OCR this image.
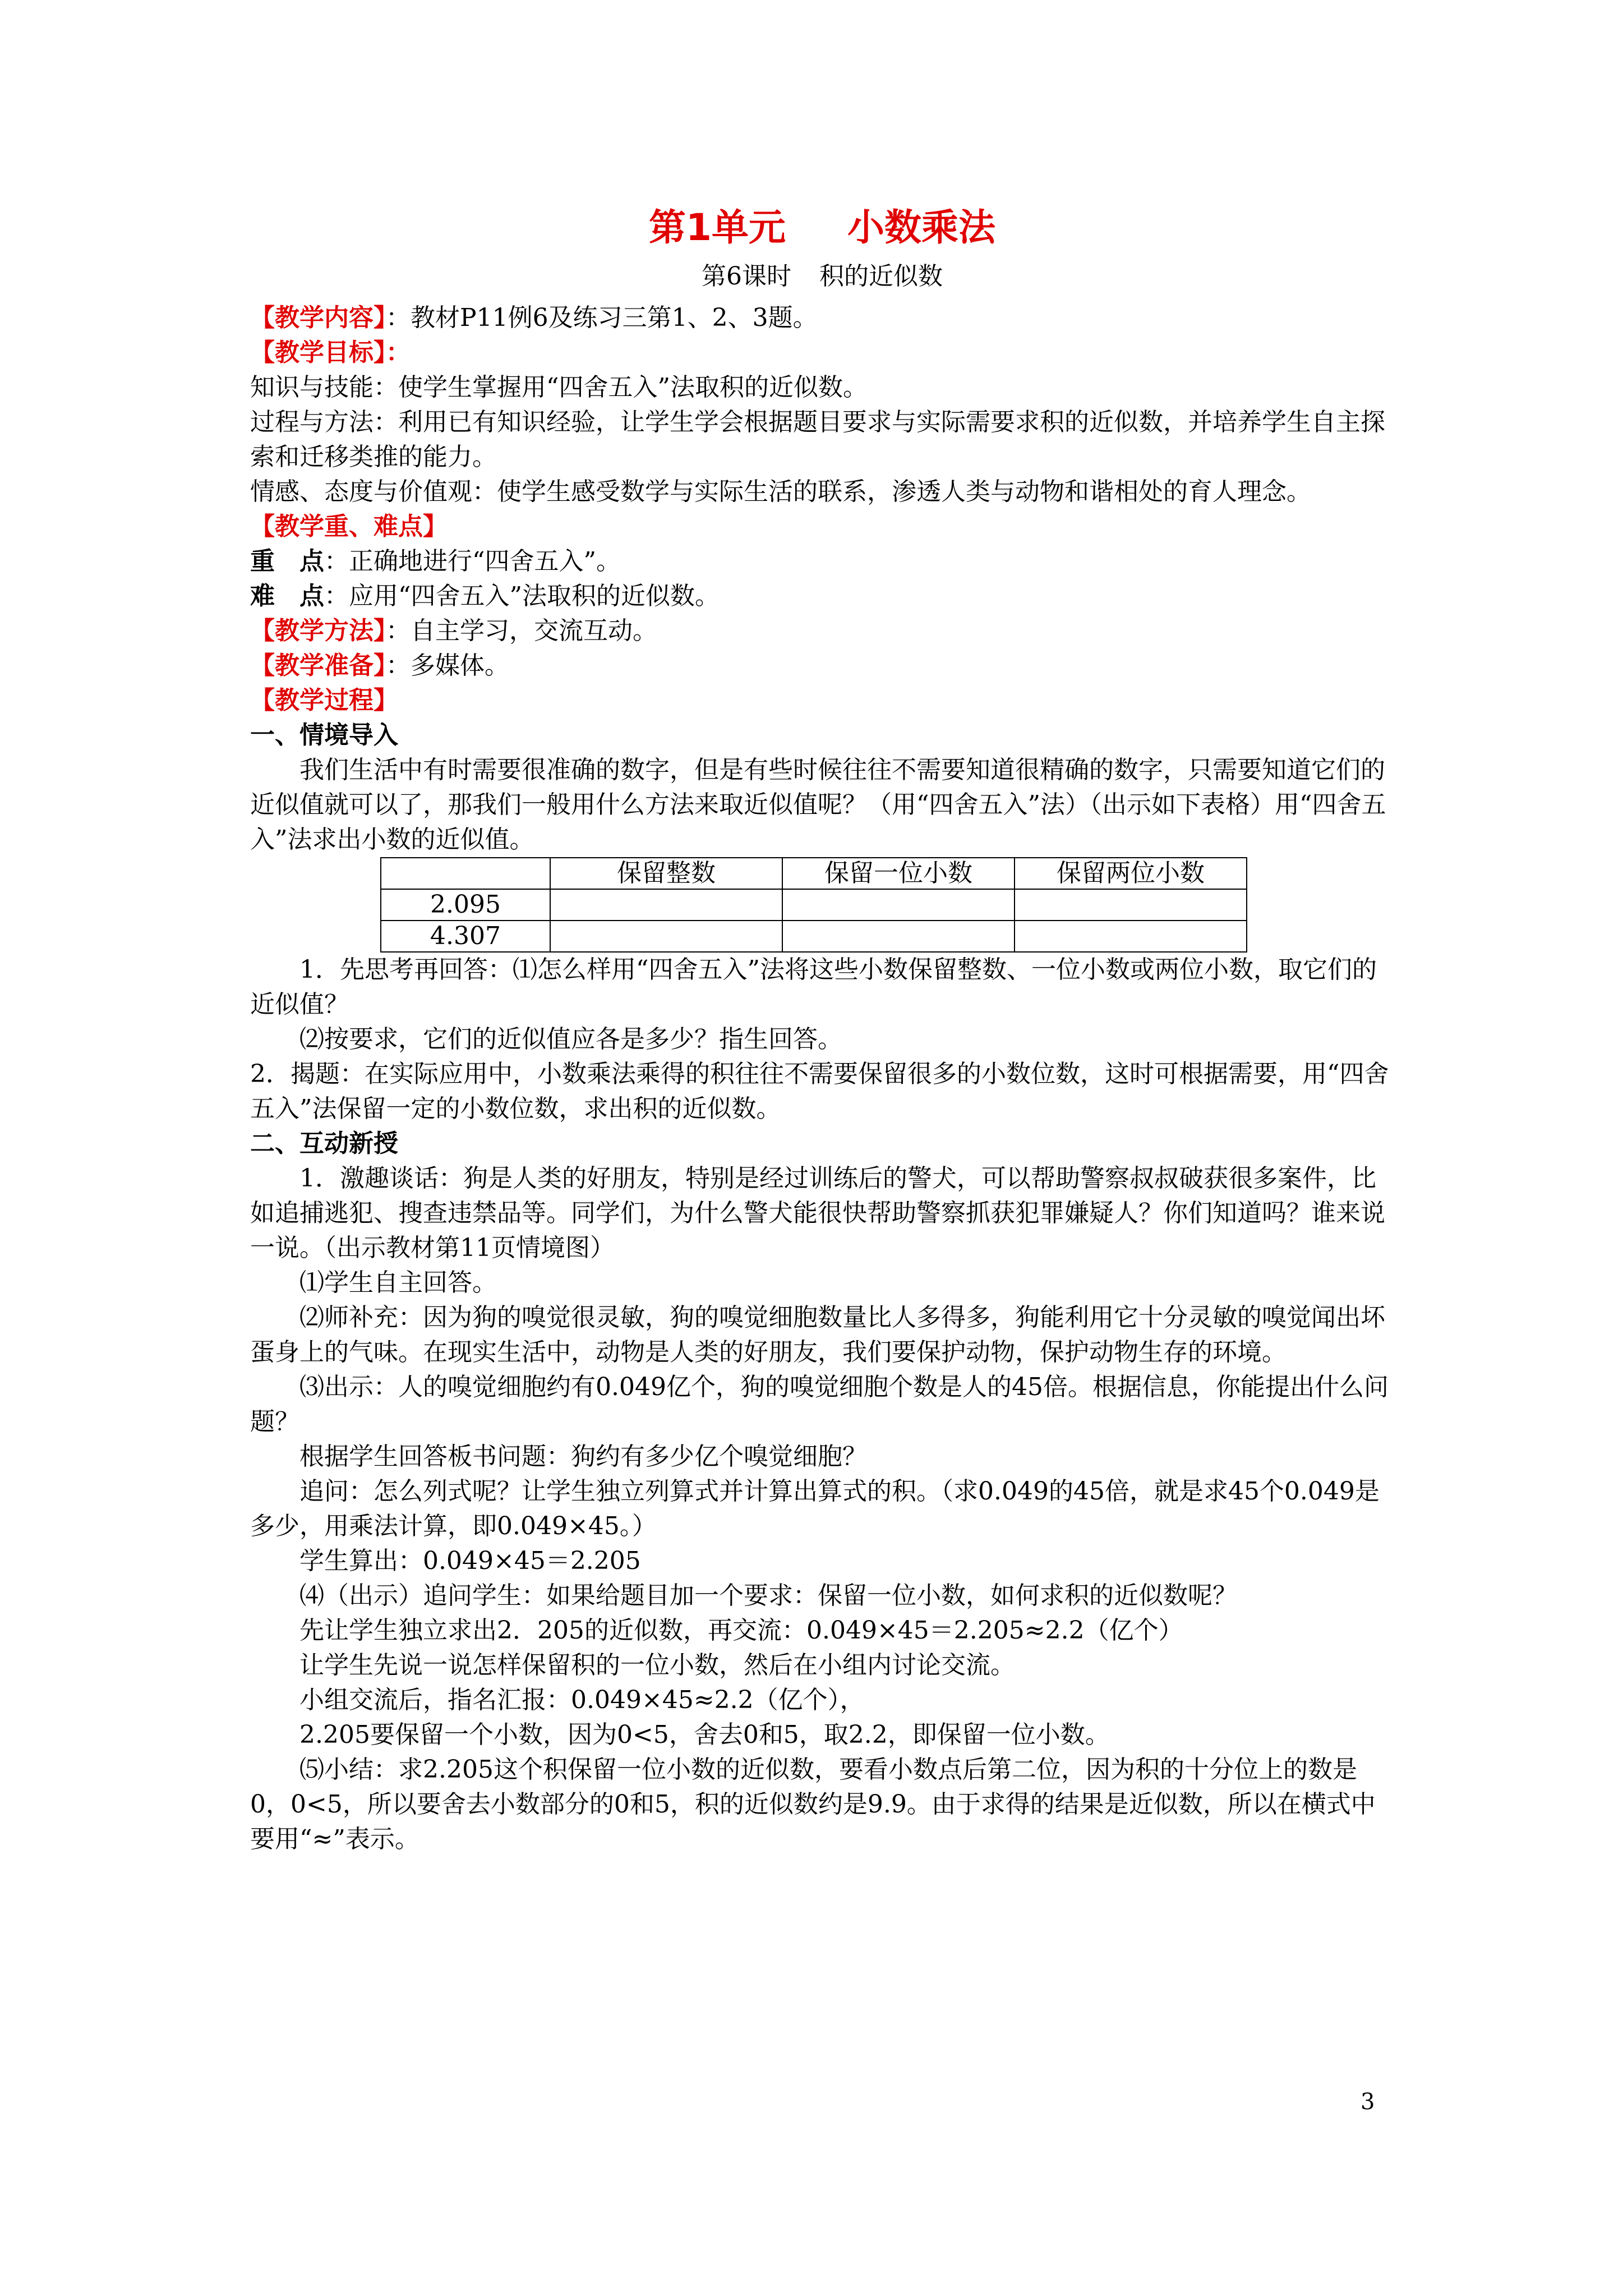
第1单元 小数乘法
第6课时 积的近似数

【教学内容】：教材P11例6及练习三第1、2、3题。

【教学目标】：

知识与技能：使学生掌握用“四舍五入”法取积的近似数。

过程与方法：利用已有知识经验，让学生学会根据题目要求与实际需要求积的近似数，并培养学生自主探索和迁移类推的能力。

情感、态度与价值观：使学生感受数学与实际生活的联系，渗透人类与动物和谐相处的育人理念。

【教学重、难点】

重　点：正确地进行“四舍五入”。

难　点：应用“四舍五入”法取积的近似数。

【教学方法】：自主学习，交流互动。

【教学准备】：多媒体。

【教学过程】

一、情境导入

我们生活中有时需要很准确的数字，但是有些时候往往不需要知道很精确的数字，只需要知道它们的近似值就可以了，那我们一般用什么方法来取近似值呢？（用“四舍五入”法）（出示如下表格）用“四舍五入”法求出小数的近似值。

	保留整数	保留一位小数	保留两位小数
2.095			
4.307			

1．先思考再回答：⑴怎么样用“四舍五入”法将这些小数保留整数、一位小数或两位小数，取它们的近似值？

⑵按要求，它们的近似值应各是多少？指生回答。

2．揭题：在实际应用中，小数乘法乘得的积往往不需要保留很多的小数位数，这时可根据需要，用“四舍五入”法保留一定的小数位数，求出积的近似数。

二、互动新授

1．激趣谈话：狗是人类的好朋友，特别是经过训练后的警犬，可以帮助警察叔叔破获很多案件，比如追捕逃犯、搜查违禁品等。同学们，为什么警犬能很快帮助警察抓获犯罪嫌疑人？你们知道吗？谁来说一说。（出示教材第11页情境图）

⑴学生自主回答。

⑵师补充：因为狗的嗅觉很灵敏，狗的嗅觉细胞数量比人多得多，狗能利用它十分灵敏的嗅觉闻出坏蛋身上的气味。在现实生活中，动物是人类的好朋友，我们要保护动物，保护动物生存的环境。

⑶出示：人的嗅觉细胞约有0.049亿个，狗的嗅觉细胞个数是人的45倍。根据信息，你能提出什么问题？

根据学生回答板书问题：狗约有多少亿个嗅觉细胞？

追问：怎么列式呢？让学生独立列算式并计算出算式的积。（求0.049的45倍，就是求45个0.049是多少，用乘法计算，即0.049×45。）

学生算出：0.049×45＝2.205

⑷（出示）追问学生：如果给题目加一个要求：保留一位小数，如何求积的近似数呢？

先让学生独立求出2．205的近似数，再交流：0.049×45＝2.205≈2.2（亿个）

让学生先说一说怎样保留积的一位小数，然后在小组内讨论交流。

小组交流后，指名汇报：0.049×45≈2.2（亿个），

2.205要保留一个小数，因为0<5，舍去0和5，取2.2，即保留一位小数。

⑸小结：求2.205这个积保留一位小数的近似数，要看小数点后第二位，因为积的十分位上的数是0，0<5，所以要舍去小数部分的0和5，积的近似数约是9.9。由于求得的结果是近似数，所以在横式中要用“≈”表示。

3
